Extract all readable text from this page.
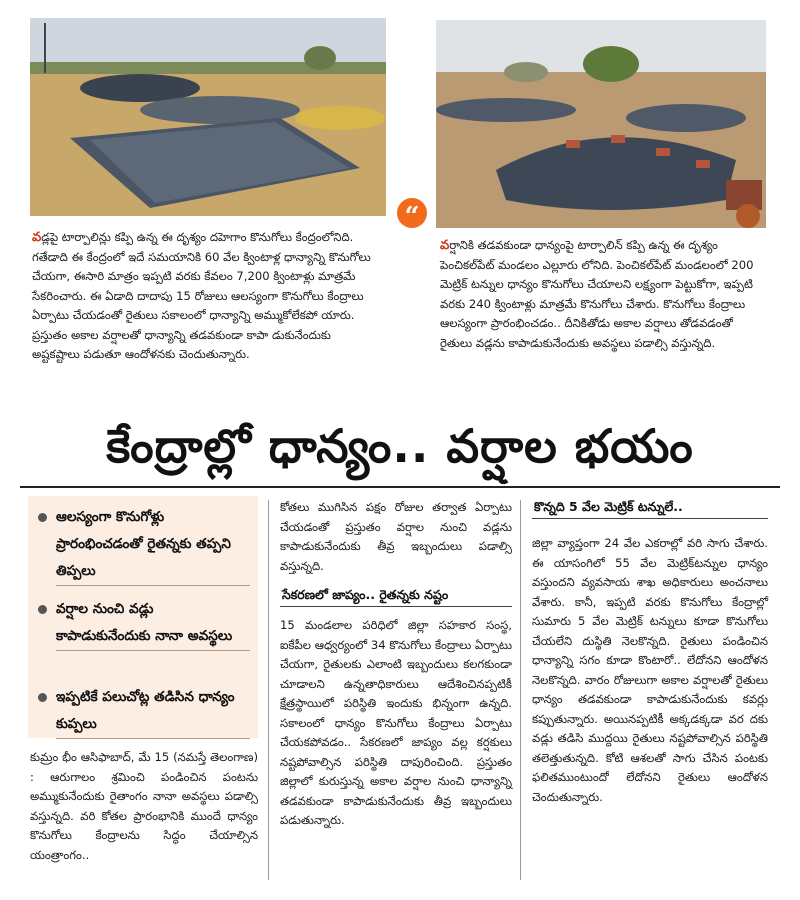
వడ్లపై టార్పాలిన్లు కప్పి ఉన్న ఈ దృశ్యం దహెగాం కొనుగోలు కేంద్రంలోనిది. గతేడాది ఈ కేంద్రంలో ఇదే సమయానికి 60 వేల క్వింటాళ్ల ధాన్యాన్ని కొనుగోలు చేయగా, ఈసారి మాత్రం ఇప్పటి వరకు కేవలం 7,200 క్వింటాళ్లు మాత్రమే సేకరించారు. ఈ ఏడాది దాదాపు 15 రోజులు ఆలస్యంగా కొనుగోలు కేంద్రాలు ఏర్పాటు చేయడంతో రైతులు సకాలంలో ధాన్యాన్ని అమ్ముకోలేకపో యారు. ప్రస్తుతం అకాల వర్షాలతో ధాన్యాన్ని తడవకుండా కాపా డుకునేందుకు అష్టకష్టాలు పడుతూ ఆందోళనకు చెందుతున్నారు.
“
వర్షానికి తడవకుండా ధాన్యంపై టార్పాలిన్ కప్పి ఉన్న ఈ దృశ్యం పెంచికల్‌పేట్ మండలం ఎల్లూరు లోనిది. పెంచికల్‌పేట్ మండలంలో 200 మెట్రిక్ టన్నుల ధాన్యం కొనుగోలు చేయాలని లక్ష్యంగా పెట్టుకోగా, ఇప్పటి వరకు 240 క్వింటాళ్లు మాత్రమే కొనుగోలు చేశారు. కొనుగోలు కేంద్రాలు ఆలస్యంగా ప్రారంభించడం.. దీనికితోడు అకాల వర్షాలు తోడవడంతో రైతులు వడ్లను కాపాడుకునేందుకు అవస్థలు పడాల్సి వస్తున్నది.
కేంద్రాల్లో ధాన్యం.. వర్షాల భయం
ఆలస్యంగా కొనుగోళ్లు ప్రారంభించడంతో రైతన్నకు తప్పని తిప్పలు
వర్షాల నుంచి వడ్లు కాపాడుకునేందుకు నానా అవస్థలు
ఇప్పటికే పలుచోట్ల తడిసిన ధాన్యం కుప్పలు
కుమ్రం భీం ఆసిఫాబాద్, మే 15 (నమస్తే తెలంగాణ) : ఆరుగాలం శ్రమించి పండించిన పంటను అమ్ముకునేందుకు రైతాంగం నానా అవస్థలు పడాల్సి వస్తున్నది. వరి కోతల ప్రారంభానికి ముందే ధాన్యం కొనుగోలు కేంద్రాలను సిద్ధం చేయాల్సిన యంత్రాంగం..
కోతలు ముగిసిన పక్షం రోజుల తర్వాత ఏర్పాటు చేయడంతో ప్రస్తుతం వర్షాల నుంచి వడ్లను కాపాడుకునేందుకు తీవ్ర ఇబ్బందులు పడాల్సి వస్తున్నది.
సేకరణలో జాప్యం.. రైతన్నకు నష్టం
15 మండలాల పరిధిలో జిల్లా సహకార సంస్థ, ఐకేపీల ఆధ్వర్యంలో 34 కొనుగోలు కేంద్రాలు ఏర్పాటు చేయగా, రైతులకు ఎలాంటి ఇబ్బందులు కలగకుండా చూడాలని ఉన్నతాధికారులు ఆదేశించినప్పటికీ క్షేత్రస్థాయిలో పరిస్థితి ఇందుకు భిన్నంగా ఉన్నది. సకాలంలో ధాన్యం కొనుగోలు కేంద్రాలు ఏర్పాటు చేయకపోవడం.. సేకరణలో జాప్యం వల్ల కర్షకులు నష్టపోవాల్సిన పరిస్థితి దాపురించింది. ప్రస్తుతం జిల్లాలో కురుస్తున్న అకాల వర్షాల నుంచి ధాన్యాన్ని తడవకుండా కాపాడుకునేందుకు తీవ్ర ఇబ్బందులు పడుతున్నారు.
కొన్నది 5 వేల మెట్రిక్ టన్నులే..
జిల్లా వ్యాప్తంగా 24 వేల ఎకరాల్లో వరి సాగు చేశారు. ఈ యాసంగిలో 55 వేల మెట్రిక్‌టన్నుల ధాన్యం వస్తుందని వ్యవసాయ శాఖ అధికారులు అంచనాలు వేశారు. కానీ, ఇప్పటి వరకు కొనుగోలు కేంద్రాల్లో సుమారు 5 వేల మెట్రిక్ టన్నులు కూడా కొనుగోలు చేయలేని దుస్థితి నెలకొన్నది. రైతులు పండించిన ధాన్యాన్ని సగం కూడా కొంటారో.. లేదోనని ఆందోళన నెలకొన్నది. వారం రోజులుగా అకాల వర్షాలతో రైతులు ధాన్యం తడవకుండా కాపాడుకునేందుకు కవర్లు కప్పుతున్నారు. అయినప్పటికీ అక్కడక్కడా వర దకు వడ్లు తడిసి ముద్దయి రైతులు నష్టపోవాల్సిన పరిస్థితి తలెత్తుతున్నది. కోటి ఆశలతో సాగు చేసిన పంటకు ఫలితముంటుందో లేదోనని రైతులు ఆందోళన చెందుతున్నారు.
